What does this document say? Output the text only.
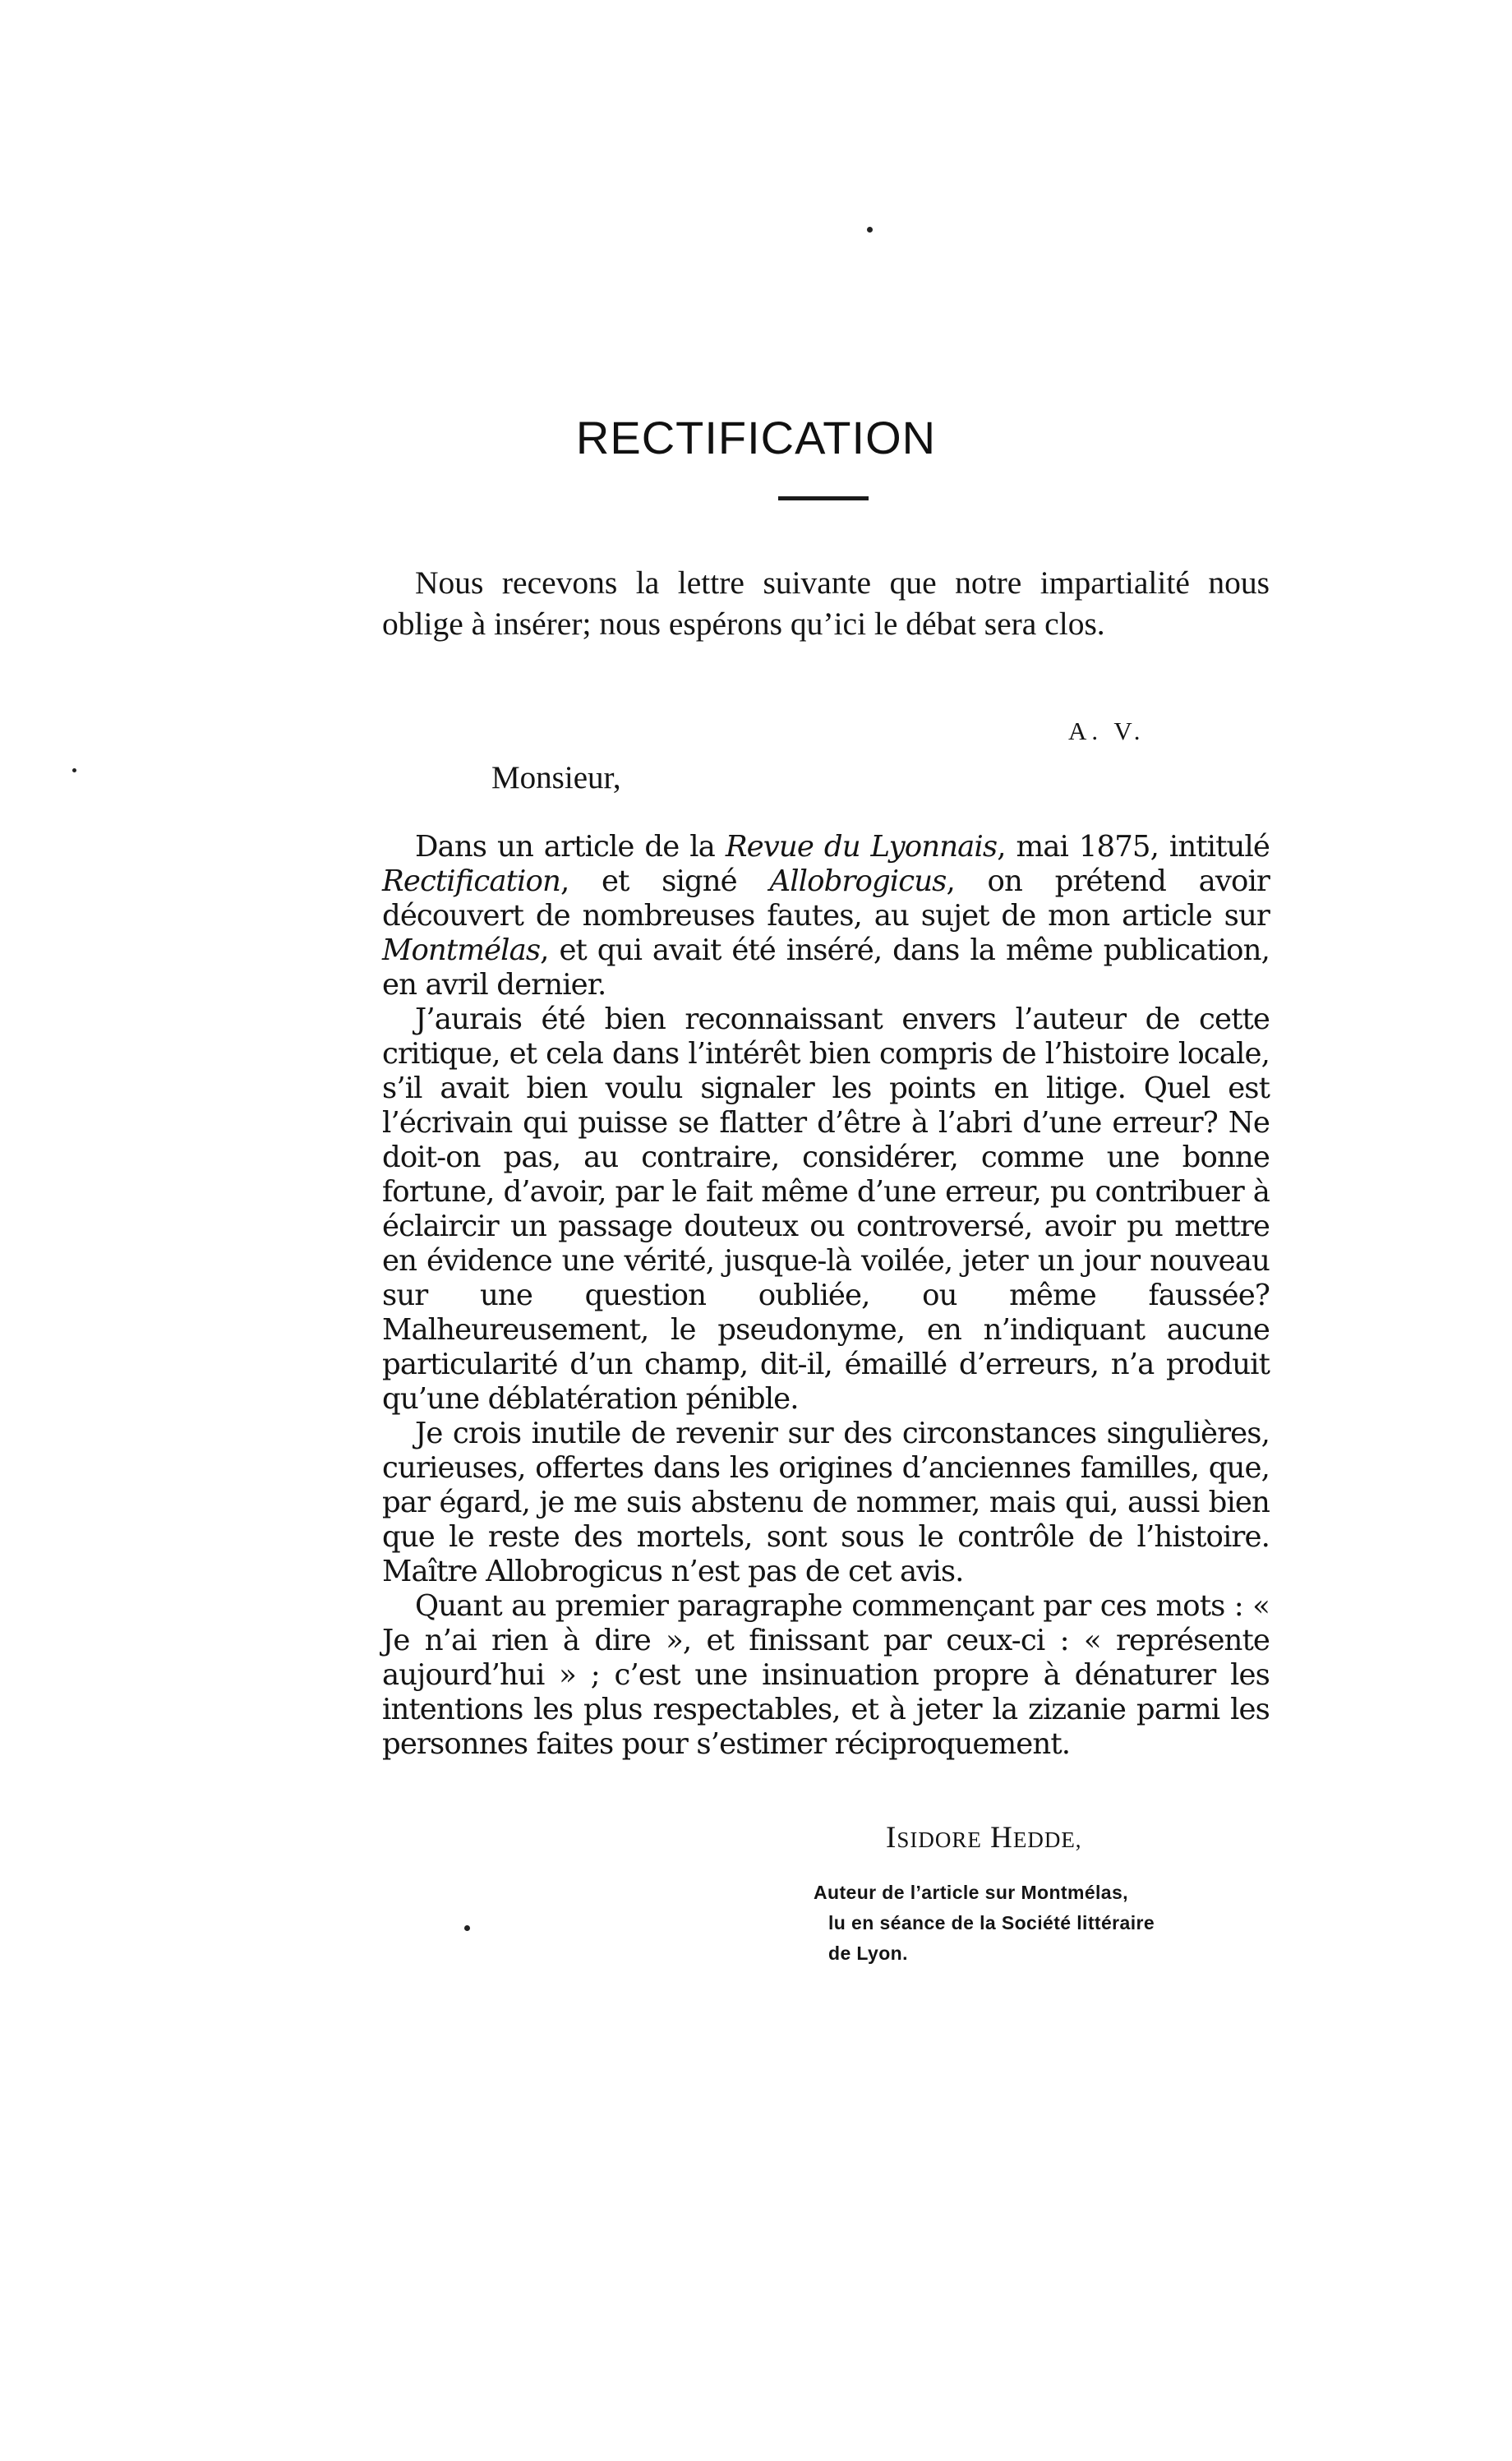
RECTIFICATION

Nous recevons la lettre suivante que notre impartialité nous oblige à insérer; nous espérons qu’ici le débat sera clos.

A. V.
Monsieur,

Dans un article de la Revue du Lyonnais, mai 1875, intitulé Rectification, et signé Allobrogicus, on prétend avoir découvert de nombreuses fautes, au sujet de mon article sur Montmélas, et qui avait été inséré, dans la même publication, en avril dernier.

J’aurais été bien reconnaissant envers l’auteur de cette critique, et cela dans l’intérêt bien compris de l’histoire locale, s’il avait bien voulu signaler les points en litige. Quel est l’écrivain qui puisse se flatter d’être à l’abri d’une erreur? Ne doit-on pas, au contraire, considérer, comme une bonne fortune, d’avoir, par le fait même d’une erreur, pu contribuer à éclaircir un passage douteux ou controversé, avoir pu mettre en évidence une vérité, jusque-là voilée, jeter un jour nouveau sur une question oubliée, ou même faussée? Malheureusement, le pseudonyme, en n’indiquant aucune particularité d’un champ, dit-il, émaillé d’erreurs, n’a produit qu’une déblatération pénible.

Je crois inutile de revenir sur des circonstances singulières, curieuses, offertes dans les origines d’anciennes familles, que, par égard, je me suis abstenu de nommer, mais qui, aussi bien que le reste des mortels, sont sous le contrôle de l’histoire. Maître Allobrogicus n’est pas de cet avis.

Quant au premier paragraphe commençant par ces mots : « Je n’ai rien à dire », et finissant par ceux-ci : « représente aujourd’hui » ; c’est une insinuation propre à dénaturer les intentions les plus respectables, et à jeter la zizanie parmi les personnes faites pour s’estimer réciproquement.

ISIDORE HEDDE,
Auteur de l’article sur Montmélas,
lu en séance de la Société littéraire
de Lyon.
